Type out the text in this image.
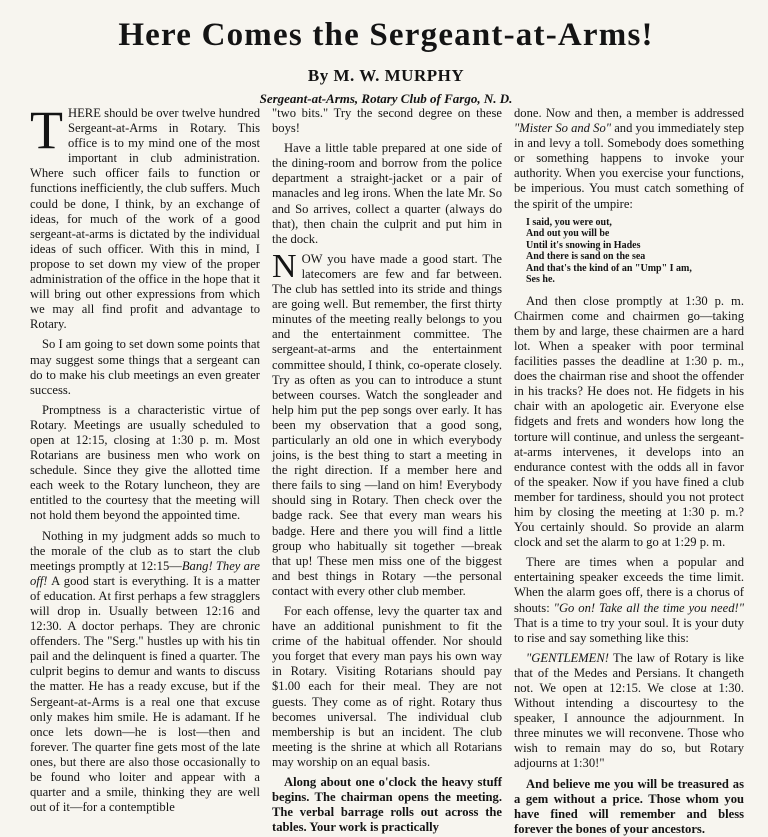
Here Comes the Sergeant-at-Arms!
By M. W. MURPHY
Sergeant-at-Arms, Rotary Club of Fargo, N. D.

THERE should be over twelve hundred Sergeant-at-Arms in Rotary. This office is to my mind one of the most important in club administration. Where such officer fails to function or functions inefficiently, the club suffers. Much could be done, I think, by an exchange of ideas, for much of the work of a good sergeant-at-arms is dictated by the individual ideas of such officer. With this in mind, I propose to set down my view of the proper administration of the office in the hope that it will bring out other expressions from which we may all find profit and advantage to Rotary.

So I am going to set down some points that may suggest some things that a sergeant can do to make his club meetings an even greater success.

Promptness is a characteristic virtue of Rotary. Meetings are usually scheduled to open at 12:15, closing at 1:30 p. m. Most Rotarians are business men who work on schedule. Since they give the allotted time each week to the Rotary luncheon, they are entitled to the courtesy that the meeting will not hold them beyond the appointed time.

Nothing in my judgment adds so much to the morale of the club as to start the club meetings promptly at 12:15—Bang! They are off! A good start is everything. It is a matter of education. At first perhaps a few stragglers will drop in. Usually between 12:16 and 12:30. A doctor perhaps. They are chronic offenders. The "Serg." hustles up with his tin pail and the delinquent is fined a quarter. The culprit begins to demur and wants to discuss the matter. He has a ready excuse, but if the Sergeant-at-Arms is a real one that excuse only makes him smile. He is adamant. If he once lets down—he is lost—then and forever. The quarter fine gets most of the late ones, but there are also those occasionally to be found who loiter and appear with a quarter and a smile, thinking they are well out of it—for a contemptible

"two bits." Try the second degree on these boys!

Have a little table prepared at one side of the dining-room and borrow from the police department a straight-jacket or a pair of manacles and leg irons. When the late Mr. So and So arrives, collect a quarter (always do that), then chain the culprit and put him in the dock.

NOW you have made a good start. The latecomers are few and far between. The club has settled into its stride and things are going well. But remember, the first thirty minutes of the meeting really belongs to you and the entertainment committee. The sergeant-at-arms and the entertainment committee should, I think, co-operate closely. Try as often as you can to introduce a stunt between courses. Watch the songleader and help him put the pep songs over early. It has been my observation that a good song, particularly an old one in which everybody joins, is the best thing to start a meeting in the right direction. If a member here and there fails to sing —land on him! Everybody should sing in Rotary. Then check over the badge rack. See that every man wears his badge. Here and there you will find a little group who habitually sit together —break that up! These men miss one of the biggest and best things in Rotary —the personal contact with every other club member.

For each offense, levy the quarter tax and have an additional punishment to fit the crime of the habitual offender. Nor should you forget that every man pays his own way in Rotary. Visiting Rotarians should pay $1.00 each for their meal. They are not guests. They come as of right. Rotary thus becomes universal. The individual club membership is but an incident. The club meeting is the shrine at which all Rotarians may worship on an equal basis.

Along about one o'clock the heavy stuff begins. The chairman opens the meeting. The verbal barrage rolls out across the tables. Your work is practically

done. Now and then, a member is addressed "Mister So and So" and you immediately step in and levy a toll. Somebody does something or something happens to invoke your authority. When you exercise your functions, be imperious. You must catch something of the spirit of the umpire:

I said, you were out,
And out you will be
Until it's snowing in Hades
And there is sand on the sea
And that's the kind of an "Ump" I am,
Ses he.

And then close promptly at 1:30 p. m. Chairmen come and chairmen go—taking them by and large, these chairmen are a hard lot. When a speaker with poor terminal facilities passes the deadline at 1:30 p. m., does the chairman rise and shoot the offender in his tracks? He does not. He fidgets in his chair with an apologetic air. Everyone else fidgets and frets and wonders how long the torture will continue, and unless the sergeant-at-arms intervenes, it develops into an endurance contest with the odds all in favor of the speaker. Now if you have fined a club member for tardiness, should you not protect him by closing the meeting at 1:30 p. m.? You certainly should. So provide an alarm clock and set the alarm to go at 1:29 p. m.

There are times when a popular and entertaining speaker exceeds the time limit. When the alarm goes off, there is a chorus of shouts: "Go on! Take all the time you need!" That is a time to try your soul. It is your duty to rise and say something like this:

"GENTLEMEN! The law of Rotary is like that of the Medes and Persians. It changeth not. We open at 12:15. We close at 1:30. Without intending a discourtesy to the speaker, I announce the adjournment. In three minutes we will reconvene. Those who wish to remain may do so, but Rotary adjourns at 1:30!"

And believe me you will be treasured as a gem without a price. Those whom you have fined will remember and bless forever the bones of your ancestors.
